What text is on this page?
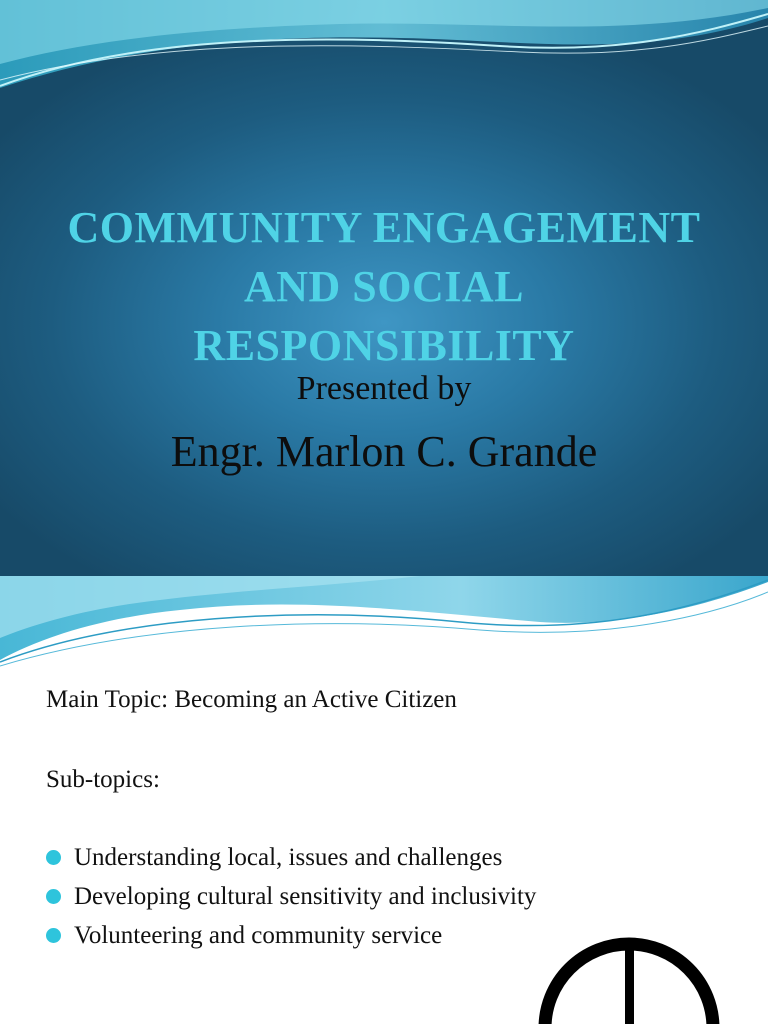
COMMUNITY ENGAGEMENT
AND SOCIAL
RESPONSIBILITY
Presented by
Engr. Marlon C. Grande
Main Topic: Becoming an Active Citizen
Sub-topics:
Understanding local, issues and challenges
Developing cultural sensitivity and inclusivity
Volunteering and community service
